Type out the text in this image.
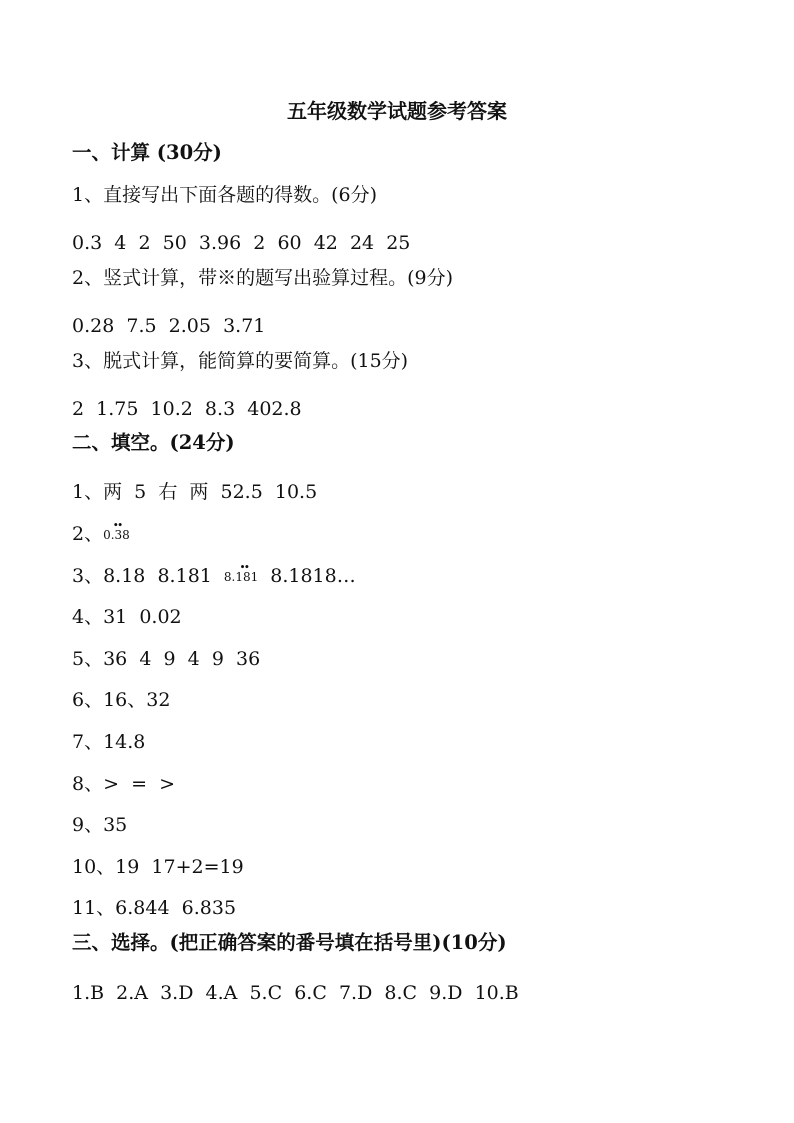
五年级数学试题参考答案
一、计算 (30分)
1、直接写出下面各题的得数。(6分)
0.3  4  2  50  3.96  2  60  42  24  25
2、竖式计算，带※的题写出验算过程。(9分)
0.28  7.5  2.05  3.71
3、脱式计算，能简算的要简算。(15分)
2  1.75  10.2  8.3  402.8
二、填空。(24分)
1、两  5  右  两  52.5  10.5
2、0.38
∙∙
3、8.18  8.181 8.181
∙∙ 8.1818…
4、31  0.02
5、36  4  9  4  9  36
6、16、32
7、14.8
8、>  =  >
9、35
10、19  17+2=19
11、6.844  6.835
三、选择。(把正确答案的番号填在括号里)(10分)
1.B  2.A  3.D  4.A  5.C  6.C  7.D  8.C  9.D  10.B
